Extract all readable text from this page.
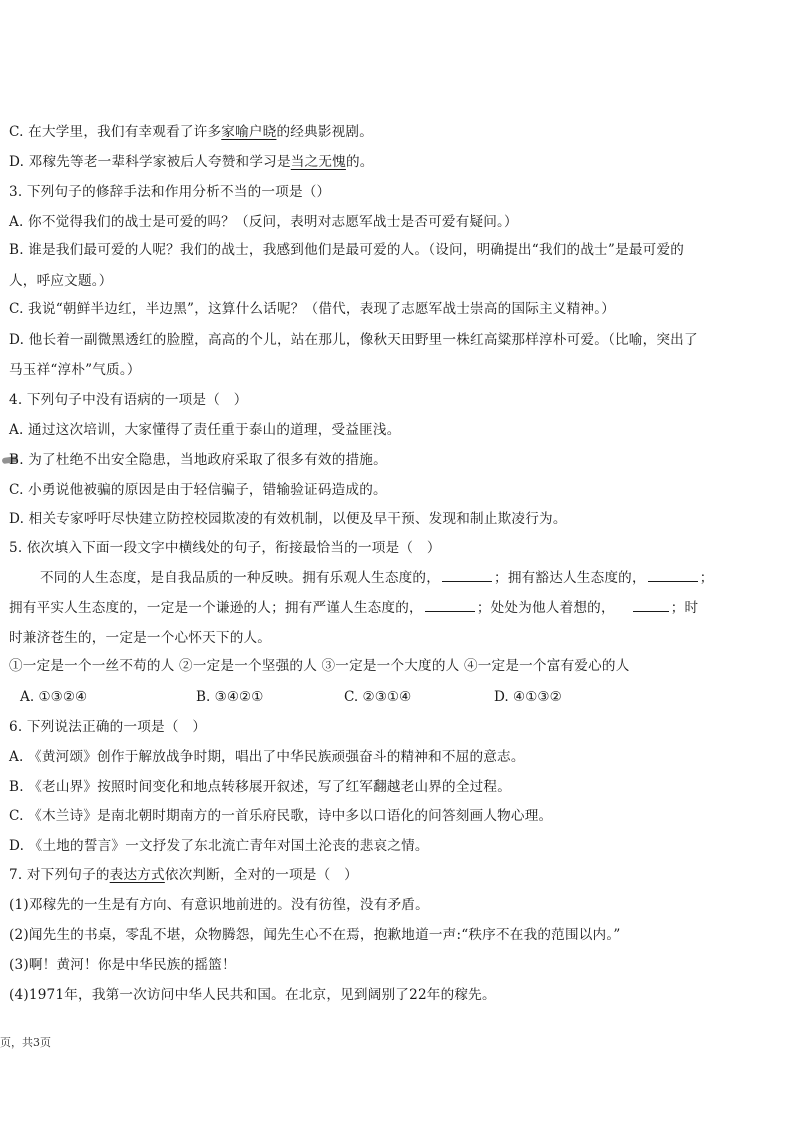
C. 在大学里，我们有幸观看了许多家喻户晓的经典影视剧。
D. 邓稼先等老一辈科学家被后人夸赞和学习是当之无愧的。
3. 下列句子的修辞手法和作用分析不当的一项是（）
A. 你不觉得我们的战士是可爱的吗？（反问，表明对志愿军战士是否可爱有疑问。）
B. 谁是我们最可爱的人呢？我们的战士，我感到他们是最可爱的人。（设问，明确提出“我们的战士”是最可爱的
人，呼应文题。）
C. 我说“朝鲜半边红，半边黑”，这算什么话呢？（借代，表现了志愿军战士崇高的国际主义精神。）
D. 他长着一副微黑透红的脸膛，高高的个儿，站在那儿，像秋天田野里一株红高粱那样淳朴可爱。（比喻，突出了
马玉祥“淳朴”气质。）
4. 下列句子中没有语病的一项是（　）
A. 通过这次培训，大家懂得了责任重于泰山的道理，受益匪浅。
B. 为了杜绝不出安全隐患，当地政府采取了很多有效的措施。
C. 小勇说他被骗的原因是由于轻信骗子，错输验证码造成的。
D. 相关专家呼吁尽快建立防控校园欺凌的有效机制，以便及早干预、发现和制止欺凌行为。
5. 依次填入下面一段文字中横线处的句子，衔接最恰当的一项是（　）
不同的人生态度，是自我品质的一种反映。拥有乐观人生态度的，	；拥有豁达人生态度的，	；
拥有平实人生态度的，一定是一个谦逊的人；拥有严谨人生态度的，	；处处为他人着想的，	；时
时兼济苍生的，一定是一个心怀天下的人。
①一定是一个一丝不苟的人 ②一定是一个坚强的人 ③一定是一个大度的人 ④一定是一个富有爱心的人
A. ①③②④	B. ③④②①	C. ②③①④	D. ④①③②
6. 下列说法正确的一项是（　）
A. 《黄河颂》创作于解放战争时期，唱出了中华民族顽强奋斗的精神和不屈的意志。
B. 《老山界》按照时间变化和地点转移展开叙述，写了红军翻越老山界的全过程。
C. 《木兰诗》是南北朝时期南方的一首乐府民歌，诗中多以口语化的问答刻画人物心理。
D. 《土地的誓言》一文抒发了东北流亡青年对国土沦丧的悲哀之情。
7. 对下列句子的表达方式依次判断，全对的一项是（　）
(1)邓稼先的一生是有方向、有意识地前进的。没有彷徨，没有矛盾。
(2)闻先生的书桌，零乱不堪，众物腾怨，闻先生心不在焉，抱歉地道一声:“秩序不在我的范围以内。”
(3)啊！黄河！你是中华民族的摇篮！
(4)1971年，我第一次访问中华人民共和国。在北京，见到阔别了22年的稼先。
页，共3页
